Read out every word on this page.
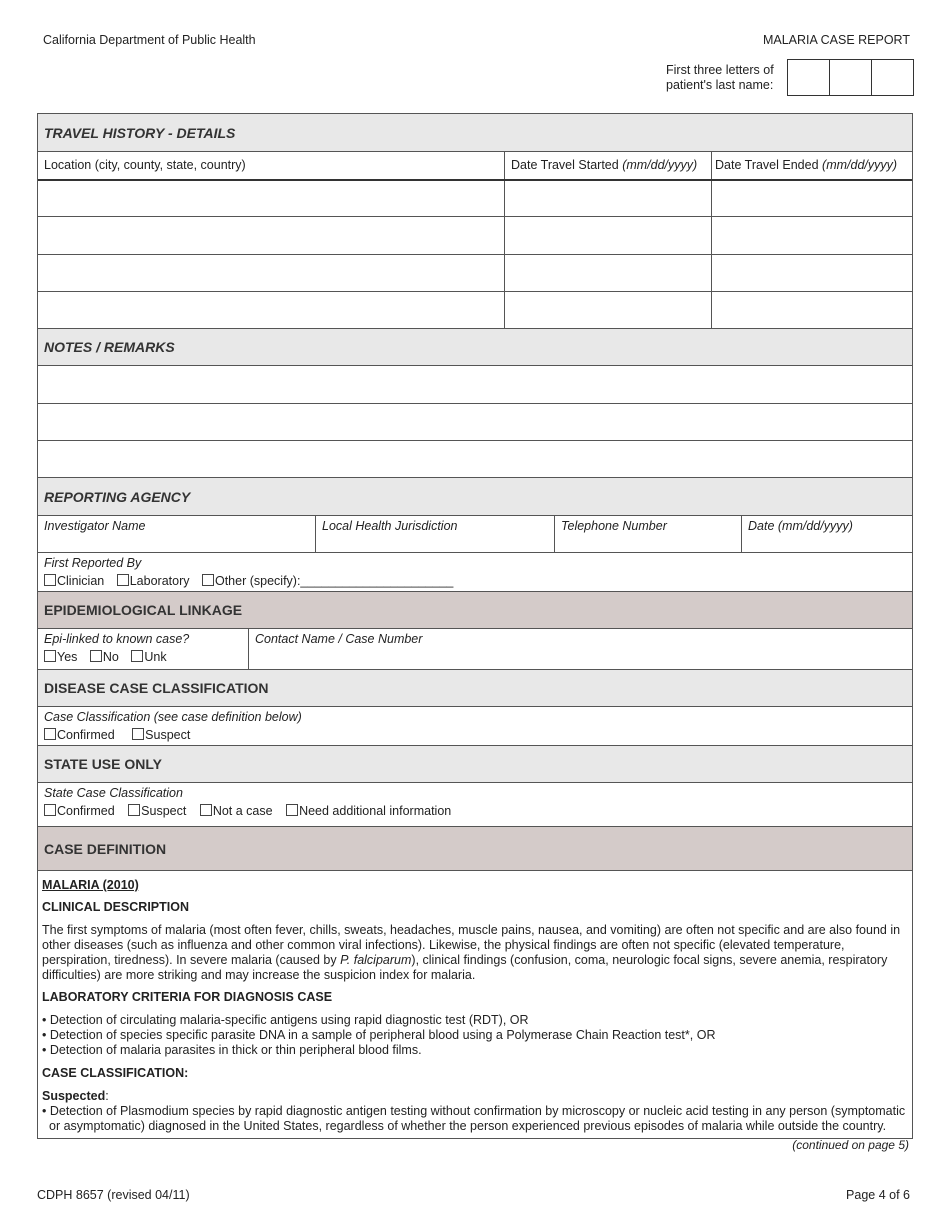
California Department of Public Health	MALARIA CASE REPORT
First three letters of
patient's last name:
TRAVEL HISTORY - DETAILS
Location (city, county, state, country)	Date Travel Started (mm/dd/yyyy)	Date Travel Ended (mm/dd/yyyy)
NOTES / REMARKS
REPORTING AGENCY
Investigator Name	Local Health Jurisdiction	Telephone Number	Date (mm/dd/yyyy)
First Reported By
Clinician Laboratory Other (specify):______________________
EPIDEMIOLOGICAL LINKAGE
Epi-linked to known case?
Yes No Unk
Contact Name / Case Number
DISEASE CASE CLASSIFICATION
Case Classification (see case definition below)
Confirmed Suspect
STATE USE ONLY
State Case Classification
Confirmed Suspect Not a case Need additional information
CASE DEFINITION

MALARIA (2010)

CLINICAL DESCRIPTION

The first symptoms of malaria (most often fever, chills, sweats, headaches, muscle pains, nausea, and vomiting) are often not specific and are also found in other diseases (such as influenza and other common viral infections). Likewise, the physical findings are often not specific (elevated temperature, perspiration, tiredness). In severe malaria (caused by P. falciparum), clinical findings (confusion, coma, neurologic focal signs, severe anemia, respiratory difficulties) are more striking and may increase the suspicion index for malaria.

LABORATORY CRITERIA FOR DIAGNOSIS CASE

• Detection of circulating malaria-specific antigens using rapid diagnostic test (RDT), OR
• Detection of species specific parasite DNA in a sample of peripheral blood using a Polymerase Chain Reaction test*, OR
• Detection of malaria parasites in thick or thin peripheral blood films.

CASE CLASSIFICATION:

Suspected:

• Detection of Plasmodium species by rapid diagnostic antigen testing without confirmation by microscopy or nucleic acid testing in any person (symptomatic or asymptomatic) diagnosed in the United States, regardless of whether the person experienced previous episodes of malaria while outside the country.

(continued on page 5)
CDPH 8657 (revised 04/11)	Page 4 of 6
